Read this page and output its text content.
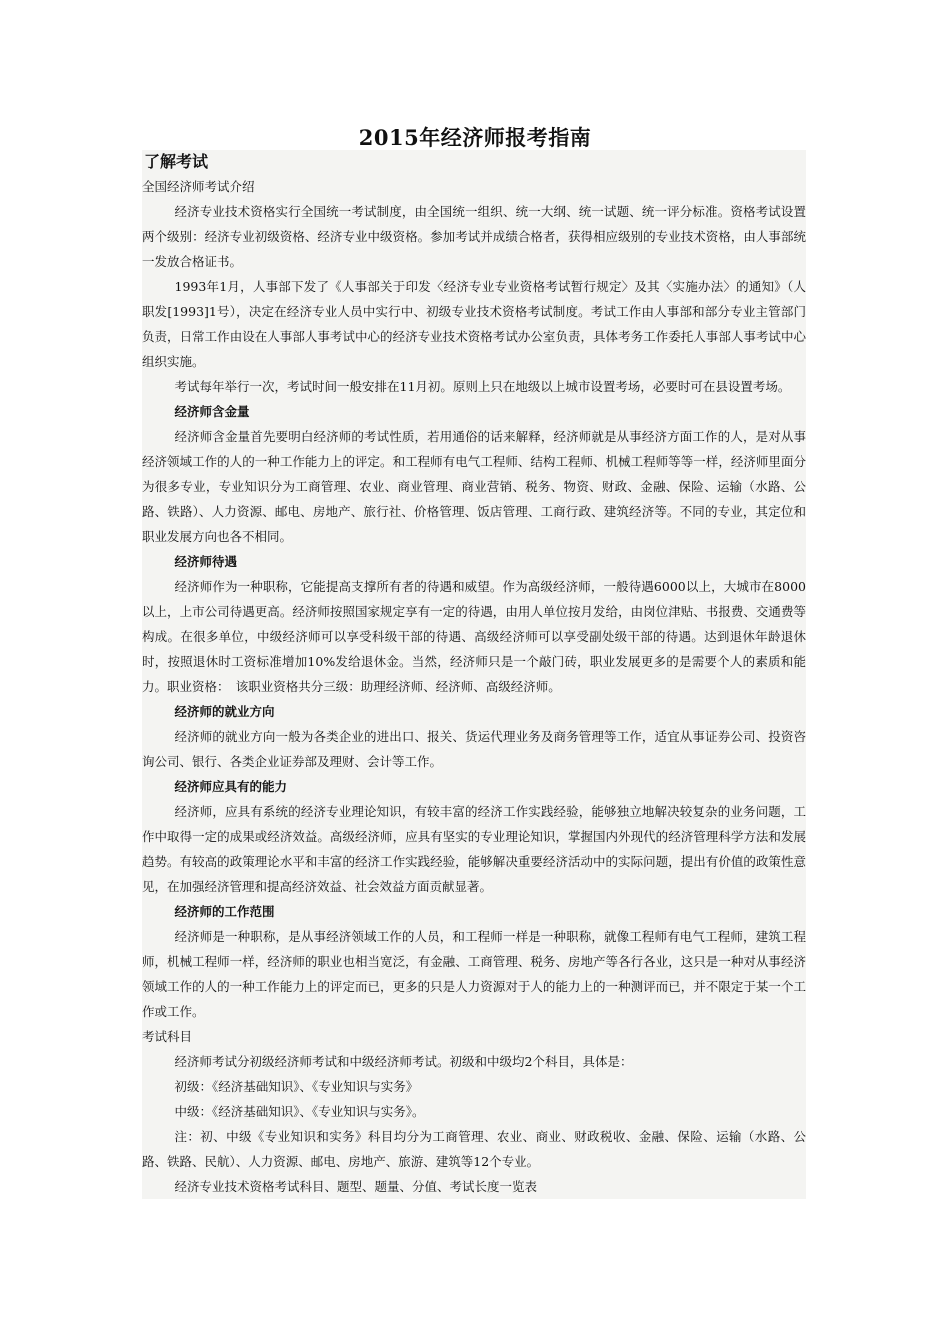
2015年经济师报考指南
了解考试
全国经济师考试介绍
经济专业技术资格实行全国统一考试制度，由全国统一组织、统一大纲、统一试题、统一评分标准。资格考试设置两个级别：经济专业初级资格、经济专业中级资格。参加考试并成绩合格者，获得相应级别的专业技术资格，由人事部统一发放合格证书。
1993年1月，人事部下发了《人事部关于印发〈经济专业专业资格考试暂行规定〉及其〈实施办法〉的通知》（人职发[1993]1号），决定在经济专业人员中实行中、初级专业技术资格考试制度。考试工作由人事部和部分专业主管部门负责，日常工作由设在人事部人事考试中心的经济专业技术资格考试办公室负责，具体考务工作委托人事部人事考试中心组织实施。
考试每年举行一次，考试时间一般安排在11月初。原则上只在地级以上城市设置考场，必要时可在县设置考场。
经济师含金量
经济师含金量首先要明白经济师的考试性质，若用通俗的话来解释，经济师就是从事经济方面工作的人，是对从事经济领域工作的人的一种工作能力上的评定。和工程师有电气工程师、结构工程师、机械工程师等等一样，经济师里面分为很多专业，专业知识分为工商管理、农业、商业管理、商业营销、税务、物资、财政、金融、保险、运输（水路、公路、铁路）、人力资源、邮电、房地产、旅行社、价格管理、饭店管理、工商行政、建筑经济等。不同的专业，其定位和职业发展方向也各不相同。
经济师待遇
经济师作为一种职称，它能提高支撑所有者的待遇和威望。作为高级经济师，一般待遇6000以上，大城市在8000以上，上市公司待遇更高。经济师按照国家规定享有一定的待遇，由用人单位按月发给，由岗位津贴、书报费、交通费等构成。在很多单位，中级经济师可以享受科级干部的待遇、高级经济师可以享受副处级干部的待遇。达到退休年龄退休时，按照退休时工资标准增加10%发给退休金。当然，经济师只是一个敲门砖，职业发展更多的是需要个人的素质和能力。职业资格：　该职业资格共分三级：助理经济师、经济师、高级经济师。
经济师的就业方向
经济师的就业方向一般为各类企业的进出口、报关、货运代理业务及商务管理等工作，适宜从事证券公司、投资咨询公司、银行、各类企业证券部及理财、会计等工作。
经济师应具有的能力
经济师，应具有系统的经济专业理论知识，有较丰富的经济工作实践经验，能够独立地解决较复杂的业务问题，工作中取得一定的成果或经济效益。高级经济师，应具有坚实的专业理论知识，掌握国内外现代的经济管理科学方法和发展趋势。有较高的政策理论水平和丰富的经济工作实践经验，能够解决重要经济活动中的实际问题，提出有价值的政策性意见，在加强经济管理和提高经济效益、社会效益方面贡献显著。
经济师的工作范围
经济师是一种职称，是从事经济领域工作的人员，和工程师一样是一种职称，就像工程师有电气工程师，建筑工程师，机械工程师一样，经济师的职业也相当宽泛，有金融、工商管理、税务、房地产等各行各业，这只是一种对从事经济领域工作的人的一种工作能力上的评定而已，更多的只是人力资源对于人的能力上的一种测评而已，并不限定于某一个工作或工作。
考试科目
经济师考试分初级经济师考试和中级经济师考试。初级和中级均2个科目，具体是：
初级：《经济基础知识》、《专业知识与实务》
中级：《经济基础知识》、《专业知识与实务》。
注：初、中级《专业知识和实务》科目均分为工商管理、农业、商业、财政税收、金融、保险、运输（水路、公路、铁路、民航）、人力资源、邮电、房地产、旅游、建筑等12个专业。
经济专业技术资格考试科目、题型、题量、分值、考试长度一览表
